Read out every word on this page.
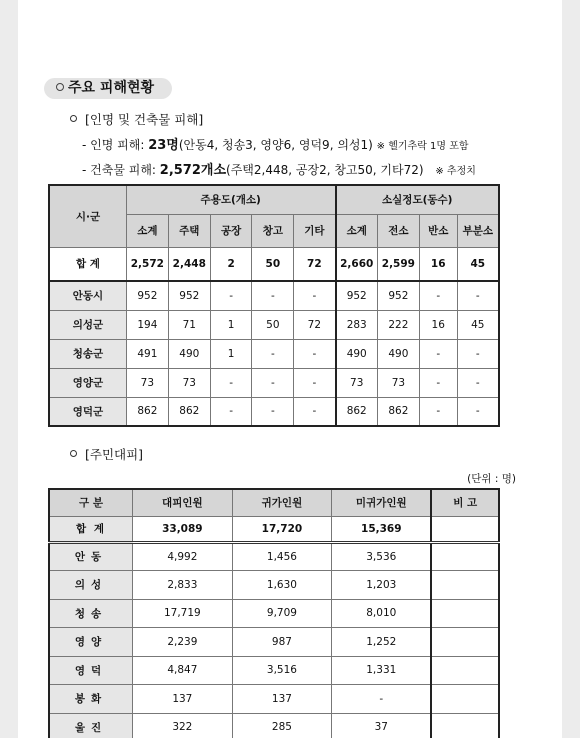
주요 피해현황
[인명 및 건축물 피해]
- 인명 피해: 23명(안동4, 청송3, 영양6, 영덕9, 의성1) ※ 헬기추락 1명 포함
- 건축물 피해: 2,572개소(주택2,448, 공장2, 창고50, 기타72) ※ 추정치
시·군	주용도(개소)					소실정도(동수)			
	소계	주택	공장	창고	기타	소계	전소	반소	부분소
합 계	2,572	2,448	2	50	72	2,660	2,599	16	45
안동시	952	952	-	-	-	952	952	-	-
의성군	194	71	1	50	72	283	222	16	45
청송군	491	490	1	-	-	490	490	-	-
영양군	73	73	-	-	-	73	73	-	-
영덕군	862	862	-	-	-	862	862	-	-
[주민대피]
(단위 : 명)
구 분	대피인원	귀가인원	미귀가인원	비 고
합 계	33,089	17,720	15,369	
안동	4,992	1,456	3,536	
의성	2,833	1,630	1,203	
청송	17,719	9,709	8,010	
영양	2,239	987	1,252	
영덕	4,847	3,516	1,331	
봉화	137	137	-	
울진	322	285	37	
